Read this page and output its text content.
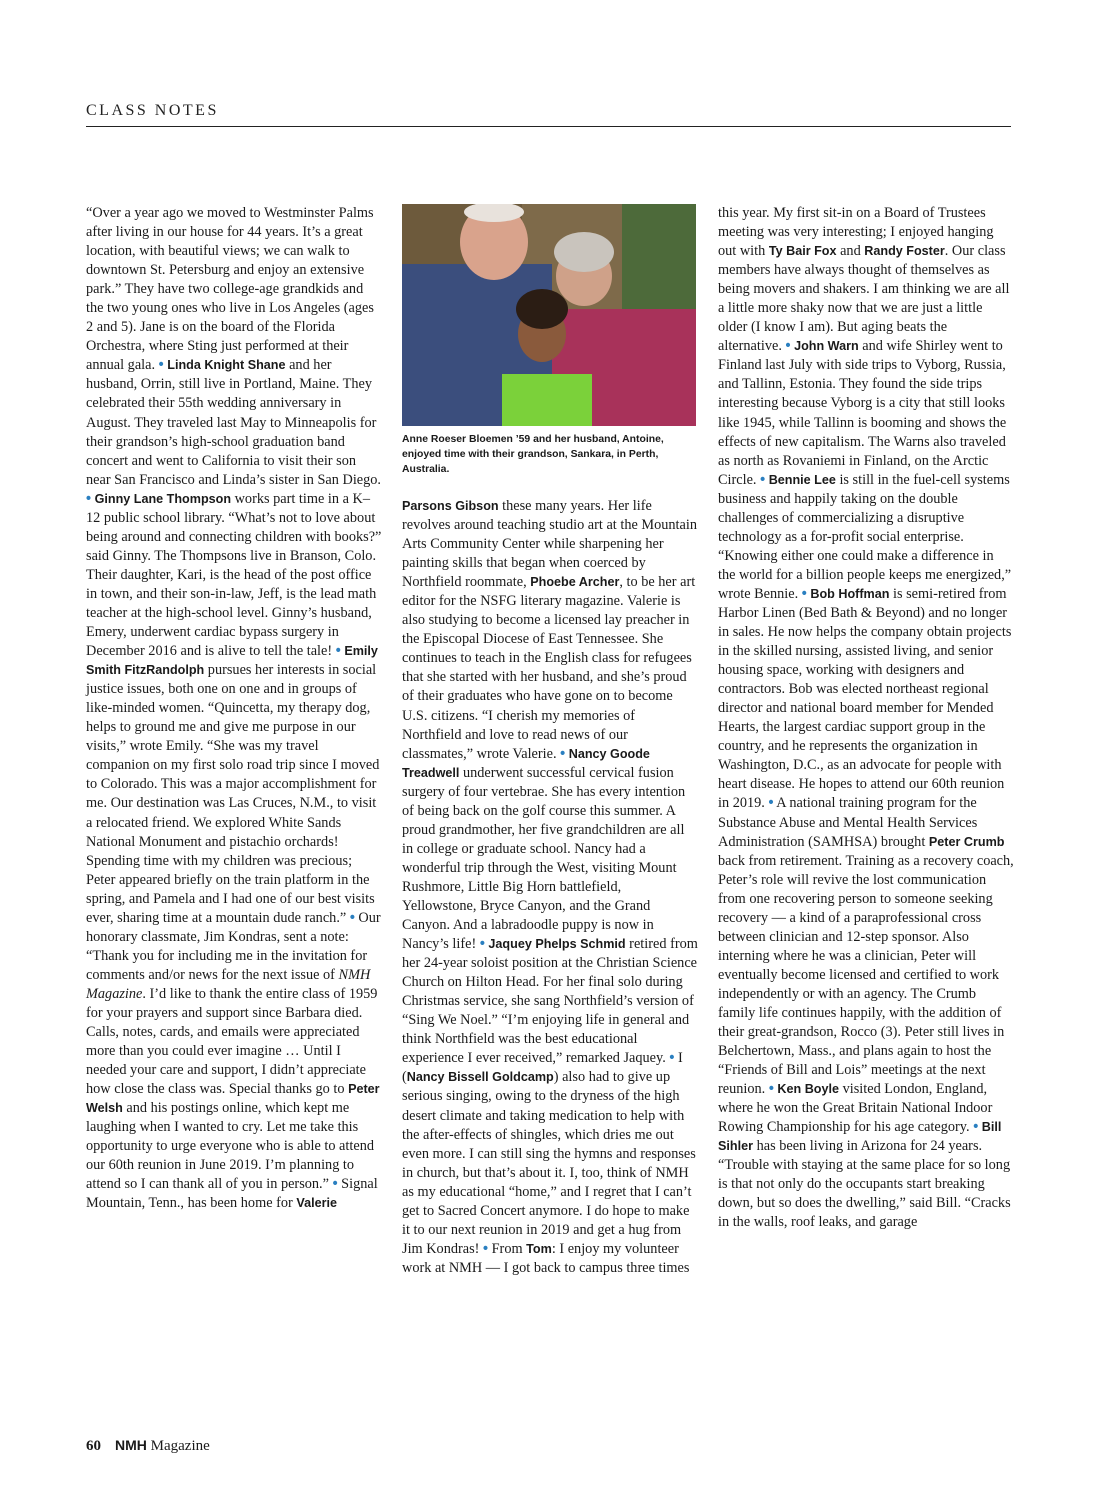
CLASS NOTES

“Over a year ago we moved to Westminster Palms after living in our house for 44 years. It’s a great location, with beautiful views; we can walk to downtown St. Petersburg and enjoy an extensive park.” They have two college-age grandkids and the two young ones who live in Los Angeles (ages 2 and 5). Jane is on the board of the Florida Orchestra, where Sting just performed at their annual gala. • Linda Knight Shane and her husband, Orrin, still live in Portland, Maine. They celebrated their 55th wedding anniversary in August. They traveled last May to Minneapolis for their grandson’s high-school graduation band concert and went to California to visit their son near San Francisco and Linda’s sister in San Diego. • Ginny Lane Thompson works part time in a K–12 public school library. “What’s not to love about being around and connecting children with books?” said Ginny. The Thompsons live in Branson, Colo. Their daughter, Kari, is the head of the post office in town, and their son-in-law, Jeff, is the lead math teacher at the high-school level. Ginny’s husband, Emery, underwent cardiac bypass surgery in December 2016 and is alive to tell the tale! • Emily Smith FitzRandolph pursues her interests in social justice issues, both one on one and in groups of like-minded women. “Quincetta, my therapy dog, helps to ground me and give me purpose in our visits,” wrote Emily. “She was my travel companion on my first solo road trip since I moved to Colorado. This was a major accomplishment for me. Our destination was Las Cruces, N.M., to visit a relocated friend. We explored White Sands National Monument and pistachio orchards! Spending time with my children was precious; Peter appeared briefly on the train platform in the spring, and Pamela and I had one of our best visits ever, sharing time at a mountain dude ranch.” • Our honorary classmate, Jim Kondras, sent a note: “Thank you for including me in the invitation for comments and/or news for the next issue of NMH Magazine. I’d like to thank the entire class of 1959 for your prayers and support since Barbara died. Calls, notes, cards, and emails were appreciated more than you could ever imagine … Until I needed your care and support, I didn’t appreciate how close the class was. Special thanks go to Peter Welsh and his postings online, which kept me laughing when I wanted to cry. Let me take this opportunity to urge everyone who is able to attend our 60th reunion in June 2019. I’m planning to attend so I can thank all of you in person.” • Signal Mountain, Tenn., has been home for Valerie

Anne Roeser Bloemen ’59 and her husband, Antoine, enjoyed time with their grandson, Sankara, in Perth, Australia.

Parsons Gibson these many years. Her life revolves around teaching studio art at the Mountain Arts Community Center while sharpening her painting skills that began when coerced by Northfield roommate, Phoebe Archer, to be her art editor for the NSFG literary magazine. Valerie is also studying to become a licensed lay preacher in the Episcopal Diocese of East Tennessee. She continues to teach in the English class for refugees that she started with her husband, and she’s proud of their graduates who have gone on to become U.S. citizens. “I cherish my memories of Northfield and love to read news of our classmates,” wrote Valerie. • Nancy Goode Treadwell underwent successful cervical fusion surgery of four vertebrae. She has every intention of being back on the golf course this summer. A proud grandmother, her five grandchildren are all in college or graduate school. Nancy had a wonderful trip through the West, visiting Mount Rushmore, Little Big Horn battlefield, Yellowstone, Bryce Canyon, and the Grand Canyon. And a labradoodle puppy is now in Nancy’s life! • Jaquey Phelps Schmid retired from her 24-year soloist position at the Christian Science Church on Hilton Head. For her final solo during Christmas service, she sang Northfield’s version of “Sing We Noel.” “I’m enjoying life in general and think Northfield was the best educational experience I ever received,” remarked Jaquey. • I (Nancy Bissell Goldcamp) also had to give up serious singing, owing to the dryness of the high desert climate and taking medication to help with the after-effects of shingles, which dries me out even more. I can still sing the hymns and responses in church, but that’s about it. I, too, think of NMH as my educational “home,” and I regret that I can’t get to Sacred Concert anymore. I do hope to make it to our next reunion in 2019 and get a hug from Jim Kondras! • From Tom: I enjoy my volunteer work at NMH — I got back to campus three times

this year. My first sit-in on a Board of Trustees meeting was very interesting; I enjoyed hanging out with Ty Bair Fox and Randy Foster. Our class members have always thought of themselves as being movers and shakers. I am thinking we are all a little more shaky now that we are just a little older (I know I am). But aging beats the alternative. • John Warn and wife Shirley went to Finland last July with side trips to Vyborg, Russia, and Tallinn, Estonia. They found the side trips interesting because Vyborg is a city that still looks like 1945, while Tallinn is booming and shows the effects of new capitalism. The Warns also traveled as north as Rovaniemi in Finland, on the Arctic Circle. • Bennie Lee is still in the fuel-cell systems business and happily taking on the double challenges of commercializing a disruptive technology as a for-profit social enterprise. “Knowing either one could make a difference in the world for a billion people keeps me energized,” wrote Bennie. • Bob Hoffman is semi-retired from Harbor Linen (Bed Bath & Beyond) and no longer in sales. He now helps the company obtain projects in the skilled nursing, assisted living, and senior housing space, working with designers and contractors. Bob was elected northeast regional director and national board member for Mended Hearts, the largest cardiac support group in the country, and he represents the organization in Washington, D.C., as an advocate for people with heart disease. He hopes to attend our 60th reunion in 2019. • A national training program for the Substance Abuse and Mental Health Services Administration (SAMHSA) brought Peter Crumb back from retirement. Training as a recovery coach, Peter’s role will revive the lost communication from one recovering person to someone seeking recovery — a kind of a paraprofessional cross between clinician and 12-step sponsor. Also interning where he was a clinician, Peter will eventually become licensed and certified to work independently or with an agency. The Crumb family life continues happily, with the addition of their great-grandson, Rocco (3). Peter still lives in Belchertown, Mass., and plans again to host the “Friends of Bill and Lois” meetings at the next reunion. • Ken Boyle visited London, England, where he won the Great Britain National Indoor Rowing Championship for his age category. • Bill Sihler has been living in Arizona for 24 years. “Trouble with staying at the same place for so long is that not only do the occupants start breaking down, but so does the dwelling,” said Bill. “Cracks in the walls, roof leaks, and garage

60 NMH Magazine
